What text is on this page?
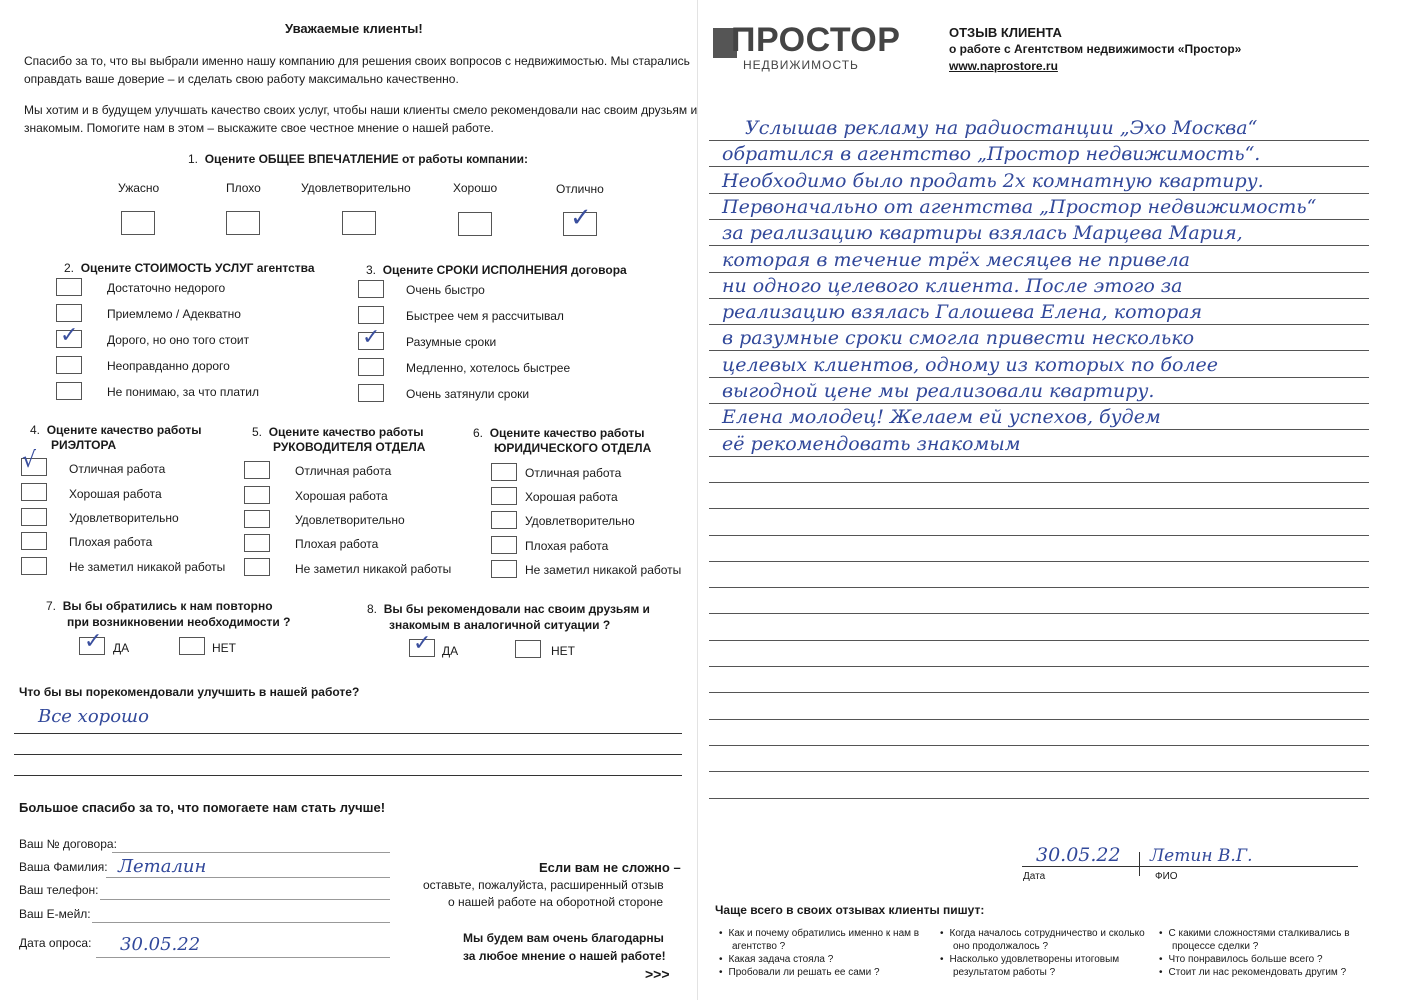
Уважаемые клиенты!
Спасибо за то, что вы выбрали именно нашу компанию для решения своих вопросов с недвижимостью. Мы старались
оправдать ваше доверие – и сделать свою работу максимально качественно.
Мы хотим и в будущем улучшать качество своих услуг, чтобы наши клиенты смело рекомендовали нас своим друзьям и
знакомым. Помогите нам в этом – выскажите свое честное мнение о нашей работе.
1. Оцените ОБЩЕЕ ВПЕЧАТЛЕНИЕ от работы компании:
Ужасно	Плохо	Удовлетворительно	Хорошо	Отлично
✓
2. Оцените СТОИМОСТЬ УСЛУГ агентства
✓
Достаточно недорого
Приемлемо / Адекватно
Дорого, но оно того стоит
Неоправданно дорого
Не понимаю, за что платил
3. Оцените СРОКИ ИСПОЛНЕНИЯ договора
✓
Очень быстро
Быстрее чем я рассчитывал
Разумные сроки
Медленно, хотелось быстрее
Очень затянули сроки
4. Оцените качество работы
РИЭЛТОРА
√	Отличная работа
Хорошая работа
Удовлетворительно
Плохая работа
Не заметил никакой работы
5. Оцените качество работы
РУКОВОДИТЕЛЯ ОТДЕЛА
Отличная работа
Хорошая работа
Удовлетворительно
Плохая работа
Не заметил никакой работы
6. Оцените качество работы
ЮРИДИЧЕСКОГО ОТДЕЛА
Отличная работа
Хорошая работа
Удовлетворительно
Плохая работа
Не заметил никакой работы
7. Вы бы обратились к нам повторно
при возникновении необходимости ?
✓ ДА	НЕТ
8. Вы бы рекомендовали нас своим друзьям и
знакомым в аналогичной ситуации ?
✓ ДА	НЕТ
Что бы вы порекомендовали улучшить в нашей работе?
Все хорошо
Большое спасибо за то, что помогаете нам стать лучше!
Ваш № договора:
Ваша Фамилия: Леталин
Ваш телефон:
Ваш Е-мейл:
Дата опроса: 30.05.22
Если вам не сложно –
оставьте, пожалуйста, расширенный отзыв
о нашей работе на оборотной стороне
Мы будем вам очень благодарны
за любое мнение о нашей работе!
>>>
ПРОСТОР
НЕДВИЖИМОСТЬ
ОТЗЫВ КЛИЕНТА
о работе с Агентством недвижимости «Простор»
www.naprostore.ru
Услышав рекламу на радиостанции „Эхо Москва“
обратился в агентство „Простор недвижимость“.
Необходимо было продать 2х комнатную квартиру.
Первоначально от агентства „Простор недвижимость“
за реализацию квартиры взялась Марцева Мария,
которая в течение трёх месяцев не привела
ни одного целевого клиента. После этого за
реализацию взялась Галошева Елена, которая
в разумные сроки смогла привести несколько
целевых клиентов, одному из которых по более
выгодной цене мы реализовали квартиру.
Елена молодец! Желаем ей успехов, будем
её рекомендовать знакомым
30.05.22 Летин В.Г.
Дата	ФИО
Чаще всего в своих отзывах клиенты пишут:
• Как и почему обратились именно к нам в
агентство ?
• Какая задача стояла ?
• Пробовали ли решать ее сами ?
• Когда началось сотрудничество и сколько
оно продолжалось ?
• Насколько удовлетворены итоговым
результатом работы ?
• С какими сложностями сталкивались в
процессе сделки ?
• Что понравилось больше всего ?
• Стоит ли нас рекомендовать другим ?
